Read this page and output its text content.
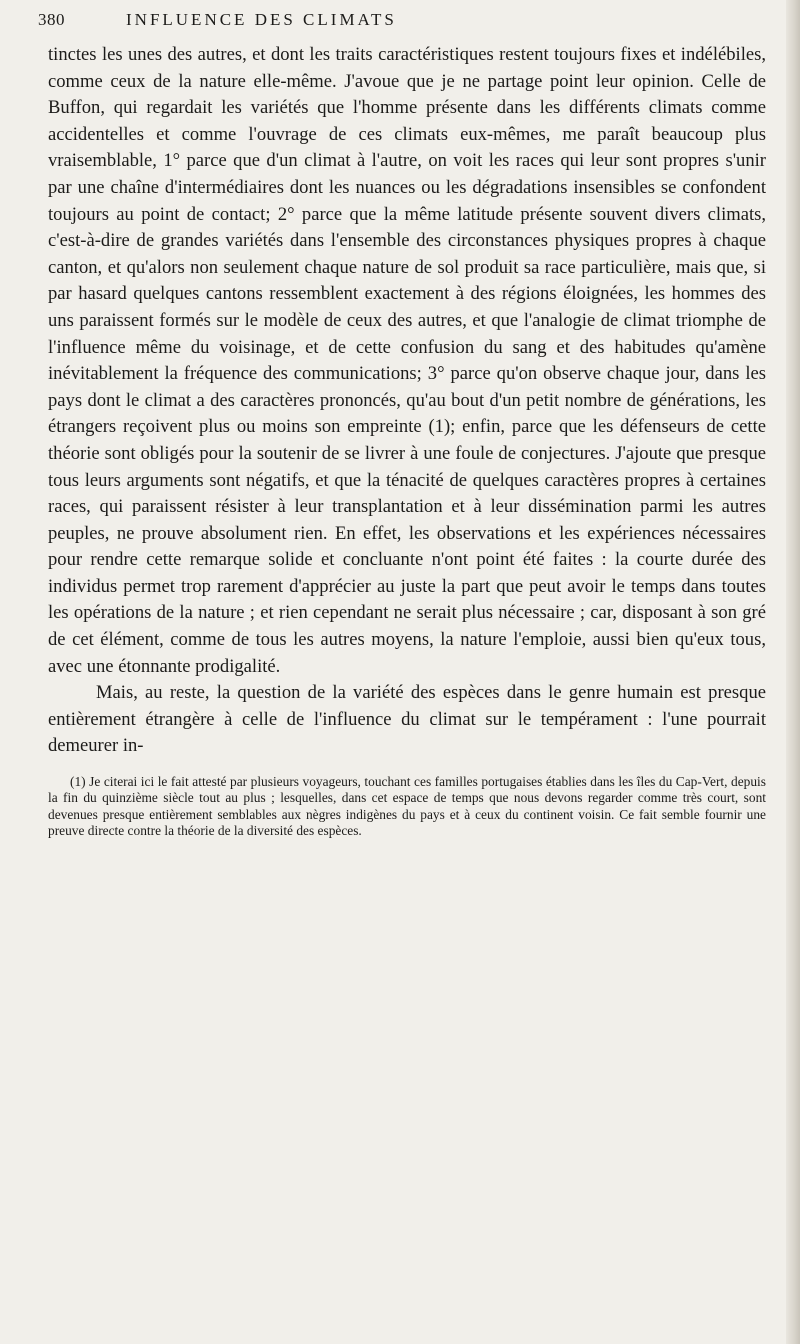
380	INFLUENCE DES CLIMATS

tinctes les unes des autres, et dont les traits caractéristiques restent toujours fixes et indélébiles, comme ceux de la nature elle-même. J'avoue que je ne partage point leur opinion. Celle de Buffon, qui regardait les variétés que l'homme présente dans les différents climats comme accidentelles et comme l'ouvrage de ces climats eux-mêmes, me paraît beaucoup plus vraisemblable, 1° parce que d'un climat à l'autre, on voit les races qui leur sont propres s'unir par une chaîne d'intermédiaires dont les nuances ou les dégradations insensibles se confondent toujours au point de contact; 2° parce que la même latitude présente souvent divers climats, c'est-à-dire de grandes variétés dans l'ensemble des circonstances physiques propres à chaque canton, et qu'alors non seulement chaque nature de sol produit sa race particulière, mais que, si par hasard quelques cantons ressemblent exactement à des régions éloignées, les hommes des uns paraissent formés sur le modèle de ceux des autres, et que l'analogie de climat triomphe de l'influence même du voisinage, et de cette confusion du sang et des habitudes qu'amène inévitablement la fréquence des communications; 3° parce qu'on observe chaque jour, dans les pays dont le climat a des caractères prononcés, qu'au bout d'un petit nombre de générations, les étrangers reçoivent plus ou moins son empreinte (1); enfin, parce que les défenseurs de cette théorie sont obligés pour la soutenir de se livrer à une foule de conjectures. J'ajoute que presque tous leurs arguments sont négatifs, et que la ténacité de quelques caractères propres à certaines races, qui paraissent résister à leur transplantation et à leur dissémination parmi les autres peuples, ne prouve absolument rien. En effet, les observations et les expériences nécessaires pour rendre cette remarque solide et concluante n'ont point été faites : la courte durée des individus permet trop rarement d'apprécier au juste la part que peut avoir le temps dans toutes les opérations de la nature ; et rien cependant ne serait plus nécessaire ; car, disposant à son gré de cet élément, comme de tous les autres moyens, la nature l'emploie, aussi bien qu'eux tous, avec une étonnante prodigalité.

Mais, au reste, la question de la variété des espèces dans le genre humain est presque entièrement étrangère à celle de l'influence du climat sur le tempérament : l'une pourrait demeurer in-

(1) Je citerai ici le fait attesté par plusieurs voyageurs, touchant ces familles portugaises établies dans les îles du Cap-Vert, depuis la fin du quinzième siècle tout au plus ; lesquelles, dans cet espace de temps que nous devons regarder comme très court, sont devenues presque entièrement semblables aux nègres indigènes du pays et à ceux du continent voisin. Ce fait semble fournir une preuve directe contre la théorie de la diversité des espèces.
